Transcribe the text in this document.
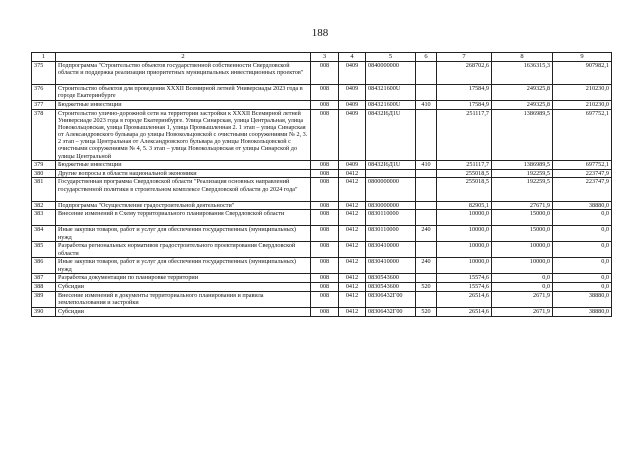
188
1	2	3	4	5	6	7	8	9
375	Подпрограмма "Строительство объектов государственной собственности Свердловской области и поддержка реализации приоритетных муниципальных инвестиционных проектов"	008	0409	0840000000		268702,6	1636315,3	907982,1
376	Строительство объектов для проведения XXXII Всемирной летней Универсиады 2023 года в городе Екатеринбурге	008	0409	084321600U		17584,9	249325,8	210230,0
377	Бюджетные инвестиции	008	0409	084321600U	410	17584,9	249325,8	210230,0
378	Строительство улично-дорожной сети на территории застройки к XXXII Всемирной летней Универсиаде 2023 года в городе Екатеринбурге. Улица Синарская, улица Центральная, улица Новокольцовская, улица Промышленная 1, улица Промышленная 2. 1 этап – улица Синарская от Александровского бульвара до улицы Новокольцовской с очистными сооружениями № 2, 3. 2 этап – улица Центральная от Александровского бульвара до улицы Новокольцовской с очистными сооружениями № 4, 5. 3 этап – улица Новокольцовская от улицы Синарской до улицы Центральной	008	0409	08432I6Д1U		251117,7	1386989,5	697752,1
379	Бюджетные инвестиции	008	0409	08432I6Д1U	410	251117,7	1386989,5	697752,1
380	Другие вопросы в области национальной экономики	008	0412			255018,5	192259,5	223747,9
381	Государственная программа Свердловской области "Реализация основных направлений государственной политики в строительном комплексе Свердловской области до 2024 года"	008	0412	0800000000		255018,5	192259,5	223747,9
382	Подпрограмма "Осуществление градостроительной деятельности"	008	0412	0830000000		82905,1	27671,9	38880,0
383	Внесение изменений в Схему территориального планирования Свердловской области	008	0412	0830110000		10000,0	15000,0	0,0
384	Иные закупки товаров, работ и услуг для обеспечения государственных (муниципальных) нужд	008	0412	0830110000	240	10000,0	15000,0	0,0
385	Разработка региональных нормативов градостроительного проектирования Свердловской области	008	0412	0830410000		10000,0	10000,0	0,0
386	Иные закупки товаров, работ и услуг для обеспечения государственных (муниципальных) нужд	008	0412	0830410000	240	10000,0	10000,0	0,0
387	Разработка документации по планировке территории	008	0412	0830543600		15574,6	0,0	0,0
388	Субсидии	008	0412	0830543600	520	15574,6	0,0	0,0
389	Внесение изменений в документы территориального планирования и правила землепользования и застройки	008	0412	08306432Г00		26514,6	2671,9	38880,0
390	Субсидии	008	0412	08306432Г00	520	26514,6	2671,9	38880,0
